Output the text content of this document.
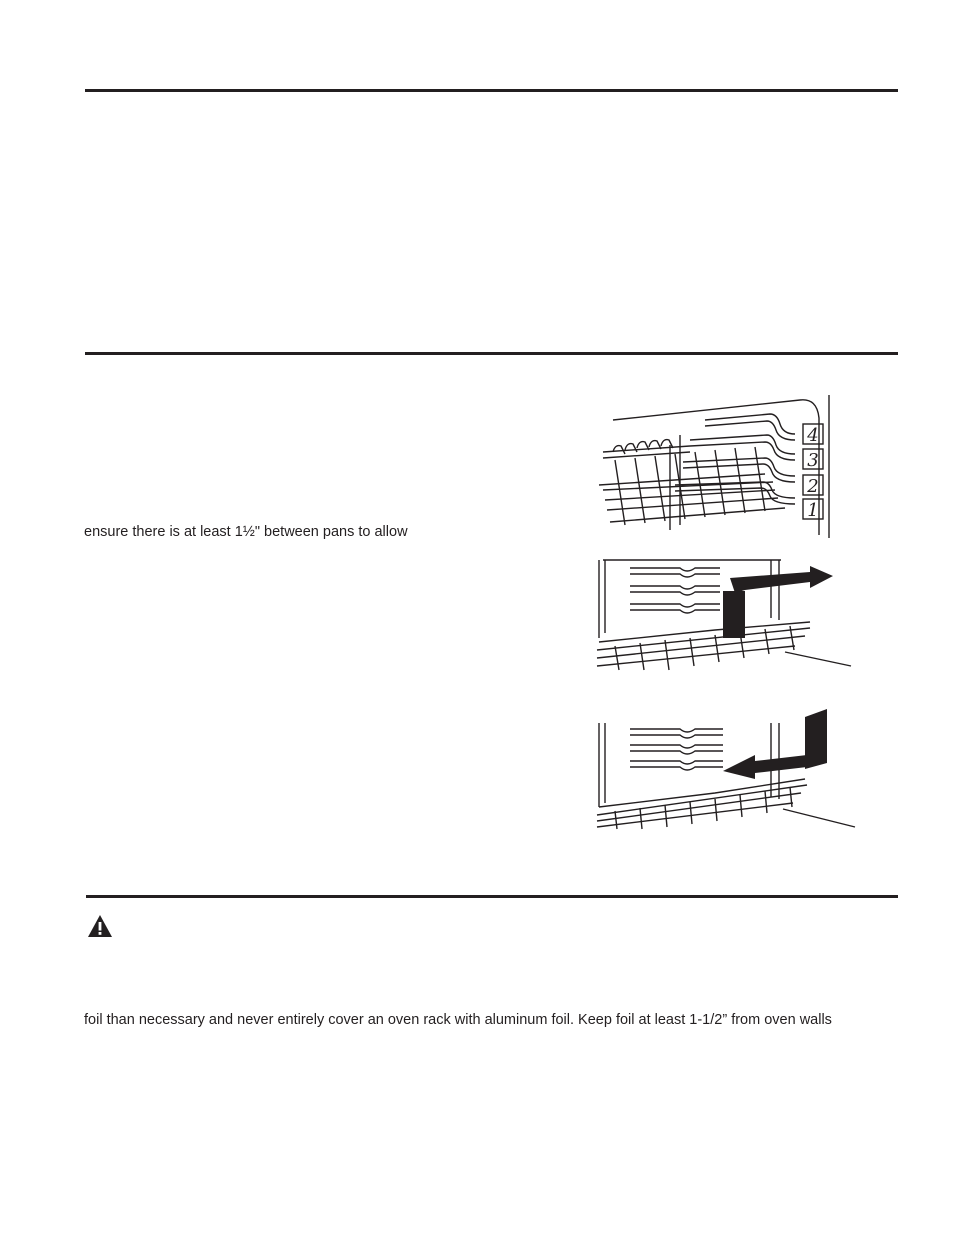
ensure there is at least 1½" between pans to allow
foil than necessary and never entirely cover an oven rack with aluminum foil. Keep foil at least 1-1/2” from oven walls
4
3
2
1
